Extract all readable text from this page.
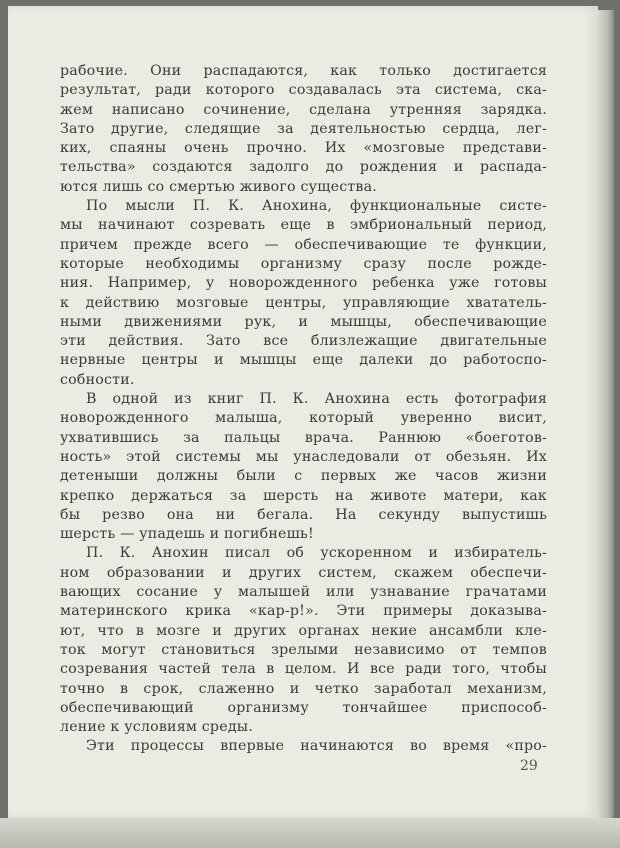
рабочие. Они распадаются, как только достигается
результат, ради которого создавалась эта система, ска-
жем написано сочинение, сделана утренняя зарядка.
Зато другие, следящие за деятельностью сердца, лег-
ких, спаяны очень прочно. Их «мозговые представи-
тельства» создаются задолго до рождения и распада-
ются лишь со смертью живого существа.
По мысли П. К. Анохина, функциональные систе-
мы начинают созревать еще в эмбриональный период,
причем прежде всего — обеспечивающие те функции,
которые необходимы организму сразу после рожде-
ния. Например, у новорожденного ребенка уже готовы
к действию мозговые центры, управляющие хвататель-
ными движениями рук, и мышцы, обеспечивающие
эти действия. Зато все близлежащие двигательные
нервные центры и мышцы еще далеки до работоспо-
собности.
В одной из книг П. К. Анохина есть фотография
новорожденного малыша, который уверенно висит,
ухватившись за пальцы врача. Раннюю «боеготов-
ность» этой системы мы унаследовали от обезьян. Их
детеныши должны были с первых же часов жизни
крепко держаться за шерсть на животе матери, как
бы резво она ни бегала. На секунду выпустишь
шерсть — упадешь и погибнешь!
П. К. Анохин писал об ускоренном и избиратель-
ном образовании и других систем, скажем обеспечи-
вающих сосание у малышей или узнавание грачатами
материнского крика «кар-р!». Эти примеры доказыва-
ют, что в мозге и других органах некие ансамбли кле-
ток могут становиться зрелыми независимо от темпов
созревания частей тела в целом. И все ради того, чтобы
точно в срок, слаженно и четко заработал механизм,
обеспечивающий организму тончайшее приспособ-
ление к условиям среды.
Эти процессы впервые начинаются во время «про-
29
